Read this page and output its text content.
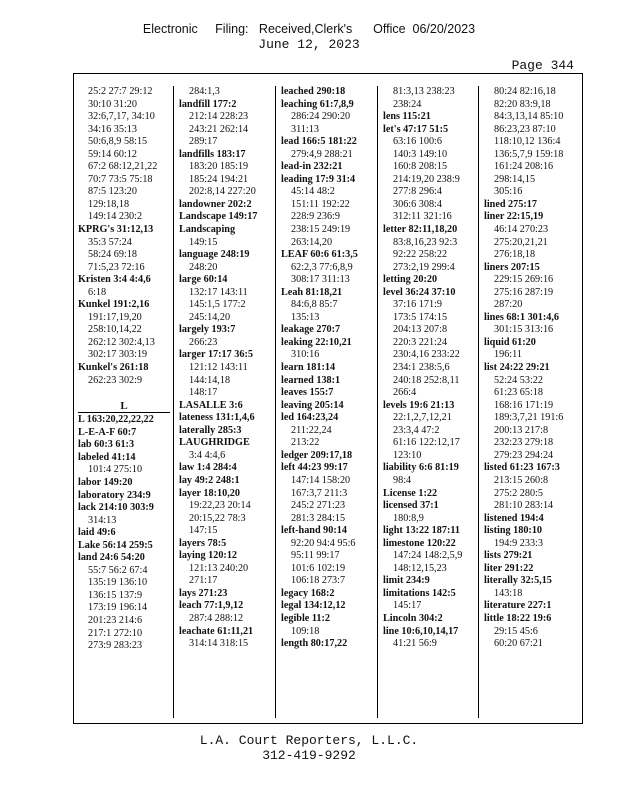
Electronic     Filing:   Received,Clerk's      Office  06/20/2023
June 12, 2023
Page 344
25:2 27:7 29:12
30:10 31:20
32:6,7,17, 34:10
34:16 35:13
50:6,8,9 58:15
59:14 60:12
67:2 68:12,21,22
70:7 73:5 75:18
87:5 123:20
129:18,18
149:14 230:2
KPRG's 31:12,13
35:3 57:24
58:24 69:18
71:5,23 72:16
Kristen 3:4 4:4,6
6:18
Kunkel 191:2,16
191:17,19,20
258:10,14,22
262:12 302:4,13
302:17 303:19
Kunkel's 261:18
262:23 302:9

L
L 163:20,22,22,22
L-E-A-F 60:7
lab 60:3 61:3
labeled 41:14
101:4 275:10
labor 149:20
laboratory 234:9
lack 214:10 303:9
314:13
laid 49:6
Lake 56:14 259:5
land 24:6 54:20
55:7 56:2 67:4
135:19 136:10
136:15 137:9
173:19 196:14
201:23 214:6
217:1 272:10
273:9 283:23
284:1,3
landfill 177:2
212:14 228:23
243:21 262:14
289:17
landfills 183:17
183:20 185:19
185:24 194:21
202:8,14 227:20
landowner 202:2
Landscape 149:17
Landscaping
149:15
language 248:19
248:20
large 60:14
132:17 143:11
145:1,5 177:2
245:14,20
largely 193:7
266:23
larger 17:17 36:5
121:12 143:11
144:14,18
148:17
LASALLE 3:6
lateness 131:1,4,6
laterally 285:3
LAUGHRIDGE
3:4 4:4,6
law 1:4 284:4
lay 49:2 248:1
layer 18:10,20
19:22,23 20:14
20:15,22 78:3
147:15
layers 78:5
laying 120:12
121:13 240:20
271:17
lays 271:23
leach 77:1,9,12
287:4 288:12
leachate 61:11,21
314:14 318:15
leached 290:18
leaching 61:7,8,9
286:24 290:20
311:13
lead 166:5 181:22
279:4,9 288:21
lead-in 232:21
leading 17:9 31:4
45:14 48:2
151:11 192:22
228:9 236:9
238:15 249:19
263:14,20
LEAF 60:6 61:3,5
62:2,3 77:6,8,9
308:17 311:13
Leah 81:18,21
84:6,8 85:7
135:13
leakage 270:7
leaking 22:10,21
310:16
learn 181:14
learned 138:1
leaves 155:7
leaving 205:14
led 164:23,24
211:22,24
213:22
ledger 209:17,18
left 44:23 99:17
147:14 158:20
167:3,7 211:3
245:2 271:23
281:3 284:15
left-hand 90:14
92:20 94:4 95:6
95:11 99:17
101:6 102:19
106:18 273:7
legacy 168:2
legal 134:12,12
legible 11:2
109:18
length 80:17,22
81:3,13 238:23
238:24
lens 115:21
let's 47:17 51:5
63:16 100:6
140:3 149:10
160:8 208:15
214:19,20 238:9
277:8 296:4
306:6 308:4
312:11 321:16
letter 82:11,18,20
83:8,16,23 92:3
92:22 258:22
273:2,19 299:4
letting 20:20
level 36:24 37:10
37:16 171:9
173:5 174:15
204:13 207:8
220:3 221:24
230:4,16 233:22
234:1 238:5,6
240:18 252:8,11
266:4
levels 19:6 21:13
22:1,2,7,12,21
23:3,4 47:2
61:16 122:12,17
123:10
liability 6:6 81:19
98:4
License 1:22
licensed 37:1
180:8,9
light 13:22 187:11
limestone 120:22
147:24 148:2,5,9
148:12,15,23
limit 234:9
limitations 142:5
145:17
Lincoln 304:2
line 10:6,10,14,17
41:21 56:9
80:24 82:16,18
82:20 83:9,18
84:3,13,14 85:10
86:23,23 87:10
118:10,12 136:4
136:5,7,9 159:18
161:24 208:16
298:14,15
305:16
lined 275:17
liner 22:15,19
46:14 270:23
275:20,21,21
276:18,18
liners 207:15
229:15 269:16
275:16 287:19
287:20
lines 68:1 301:4,6
301:15 313:16
liquid 61:20
196:11
list 24:22 29:21
52:24 53:22
61:23 65:18
168:16 171:19
189:3,7,21 191:6
200:13 217:8
232:23 279:18
279:23 294:24
listed 61:23 167:3
213:15 260:8
275:2 280:5
281:10 283:14
listened 194:4
listing 180:10
194:9 233:3
lists 279:21
liter 291:22
literally 32:5,15
143:18
literature 227:1
little 18:22 19:6
29:15 45:6
60:20 67:21
L.A. Court Reporters, L.L.C.
312-419-9292
